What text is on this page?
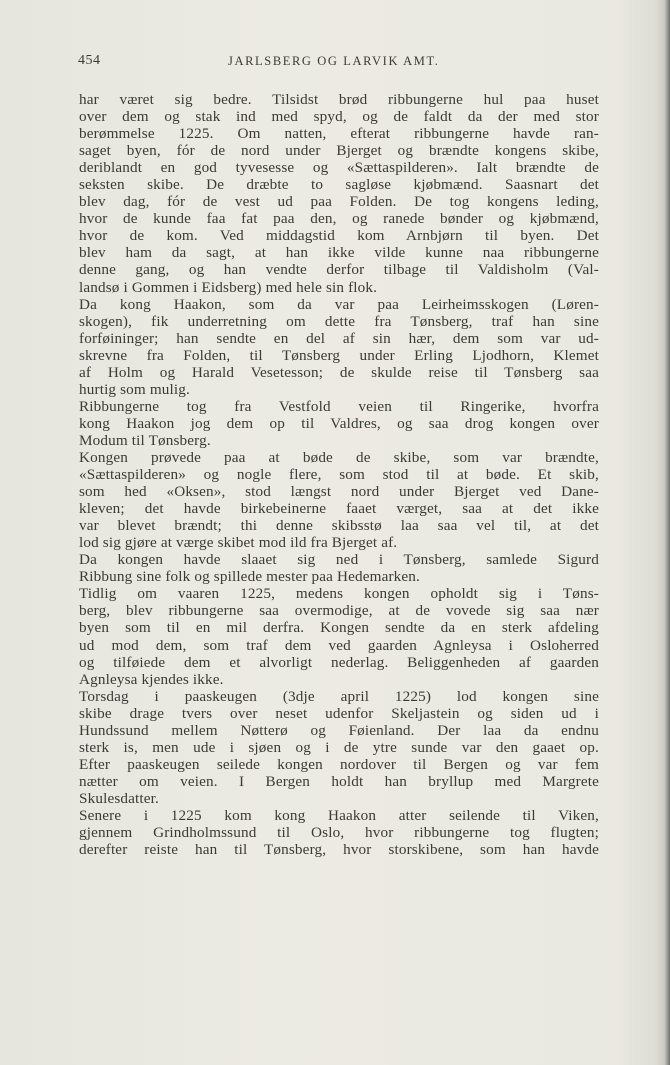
454	JARLSBERG OG LARVIK AMT.
har været sig bedre. Tilsidst brød ribbungerne hul paa huset
over dem og stak ind med spyd, og de faldt da der med stor
berømmelse 1225. Om natten, efterat ribbungerne havde ran-
saget byen, fór de nord under Bjerget og brændte kongens skibe,
deriblandt en god tyvesesse og «Sættaspilderen». Ialt brændte de
seksten skibe. De dræbte to sagløse kjøbmænd. Saasnart det
blev dag, fór de vest ud paa Folden. De tog kongens leding,
hvor de kunde faa fat paa den, og ranede bønder og kjøbmænd,
hvor de kom. Ved middagstid kom Arnbjørn til byen. Det
blev ham da sagt, at han ikke vilde kunne naa ribbungerne
denne gang, og han vendte derfor tilbage til Valdisholm (Val-
landsø i Gommen i Eidsberg) med hele sin flok.
Da kong Haakon, som da var paa Leirheimsskogen (Løren-
skogen), fik underretning om dette fra Tønsberg, traf han sine
forføininger; han sendte en del af sin hær, dem som var ud-
skrevne fra Folden, til Tønsberg under Erling Ljodhorn, Klemet
af Holm og Harald Vesetesson; de skulde reise til Tønsberg saa
hurtig som mulig.
Ribbungerne tog fra Vestfold veien til Ringerike, hvorfra
kong Haakon jog dem op til Valdres, og saa drog kongen over
Modum til Tønsberg.
Kongen prøvede paa at bøde de skibe, som var brændte,
«Sættaspilderen» og nogle flere, som stod til at bøde. Et skib,
som hed «Oksen», stod længst nord under Bjerget ved Dane-
kleven; det havde birkebeinerne faaet værget, saa at det ikke
var blevet brændt; thi denne skibsstø laa saa vel til, at det
lod sig gjøre at værge skibet mod ild fra Bjerget af.
Da kongen havde slaaet sig ned i Tønsberg, samlede Sigurd
Ribbung sine folk og spillede mester paa Hedemarken.
Tidlig om vaaren 1225, medens kongen opholdt sig i Tøns-
berg, blev ribbungerne saa overmodige, at de vovede sig saa nær
byen som til en mil derfra. Kongen sendte da en sterk afdeling
ud mod dem, som traf dem ved gaarden Agnleysa i Osloherred
og tilføiede dem et alvorligt nederlag. Beliggenheden af gaarden
Agnleysa kjendes ikke.
Torsdag i paaskeugen (3dje april 1225) lod kongen sine
skibe drage tvers over neset udenfor Skeljastein og siden ud i
Hundssund mellem Nøtterø og Føienland. Der laa da endnu
sterk is, men ude i sjøen og i de ytre sunde var den gaaet op.
Efter paaskeugen seilede kongen nordover til Bergen og var fem
nætter om veien. I Bergen holdt han bryllup med Margrete
Skulesdatter.
Senere i 1225 kom kong Haakon atter seilende til Viken,
gjennem Grindholmssund til Oslo, hvor ribbungerne tog flugten;
derefter reiste han til Tønsberg, hvor storskibene, som han havde
